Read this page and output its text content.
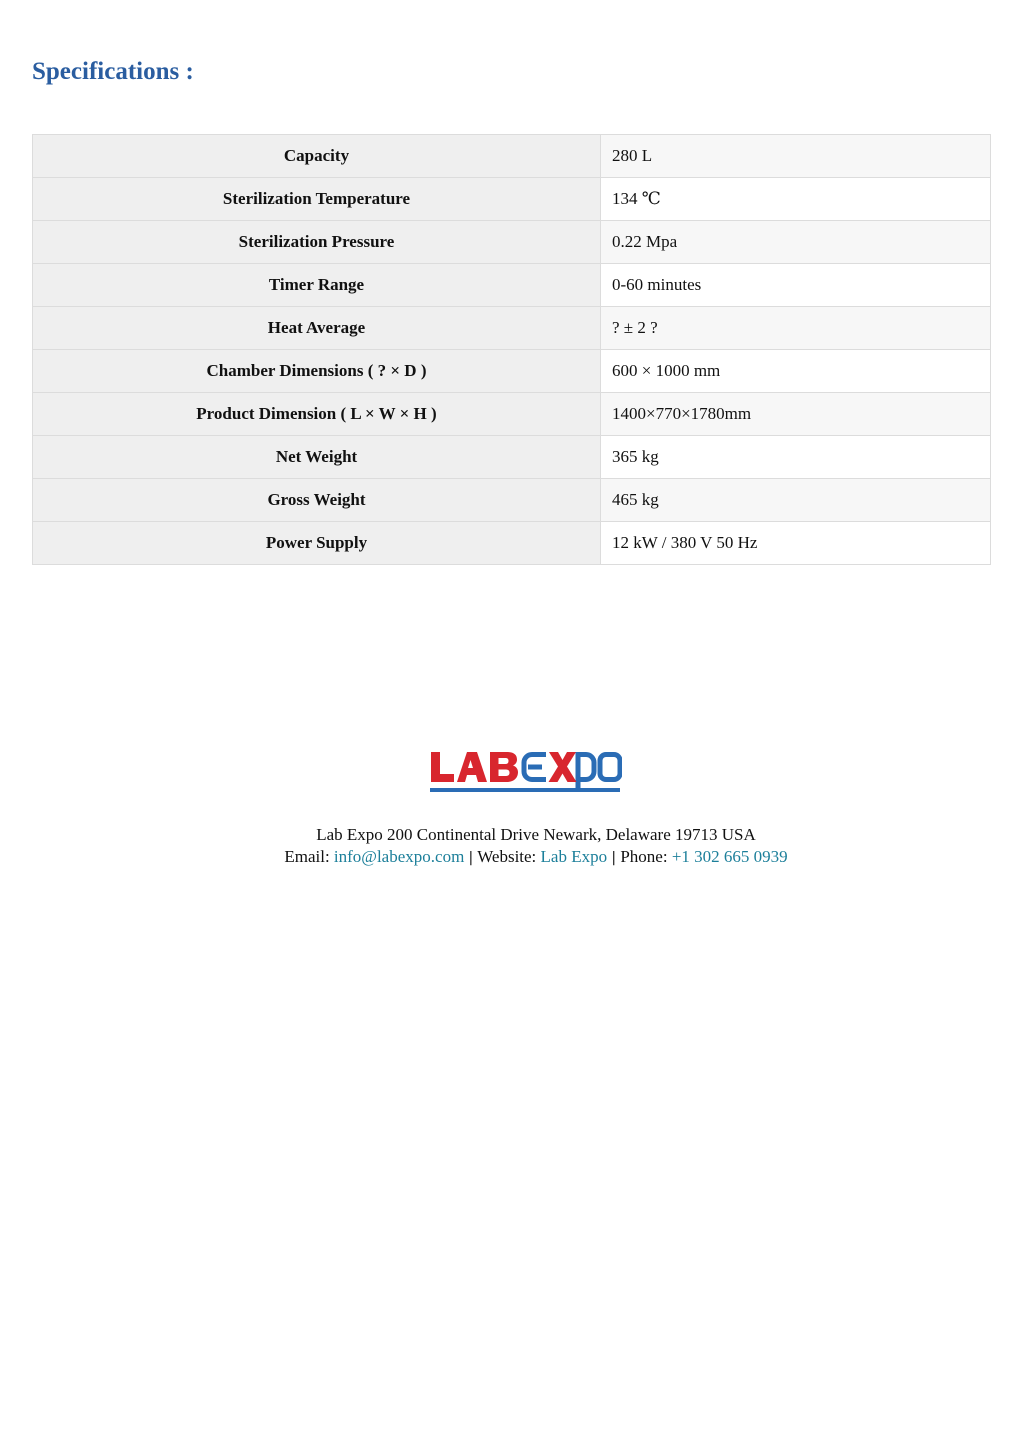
Specifications :
Capacity	280 L
Sterilization Temperature	134 ℃
Sterilization Pressure	0.22 Mpa
Timer Range	0-60 minutes
Heat Average	? ± 2 ?
Chamber Dimensions ( ? × D )	600 × 1000 mm
Product Dimension ( L × W × H )	1400×770×1780mm
Net Weight	365 kg
Gross Weight	465 kg
Power Supply	12 kW / 380 V 50 Hz
Lab Expo 200 Continental Drive Newark, Delaware 19713 USA
Email: info@labexpo.com | Website: Lab Expo | Phone: +1 302 665 0939
